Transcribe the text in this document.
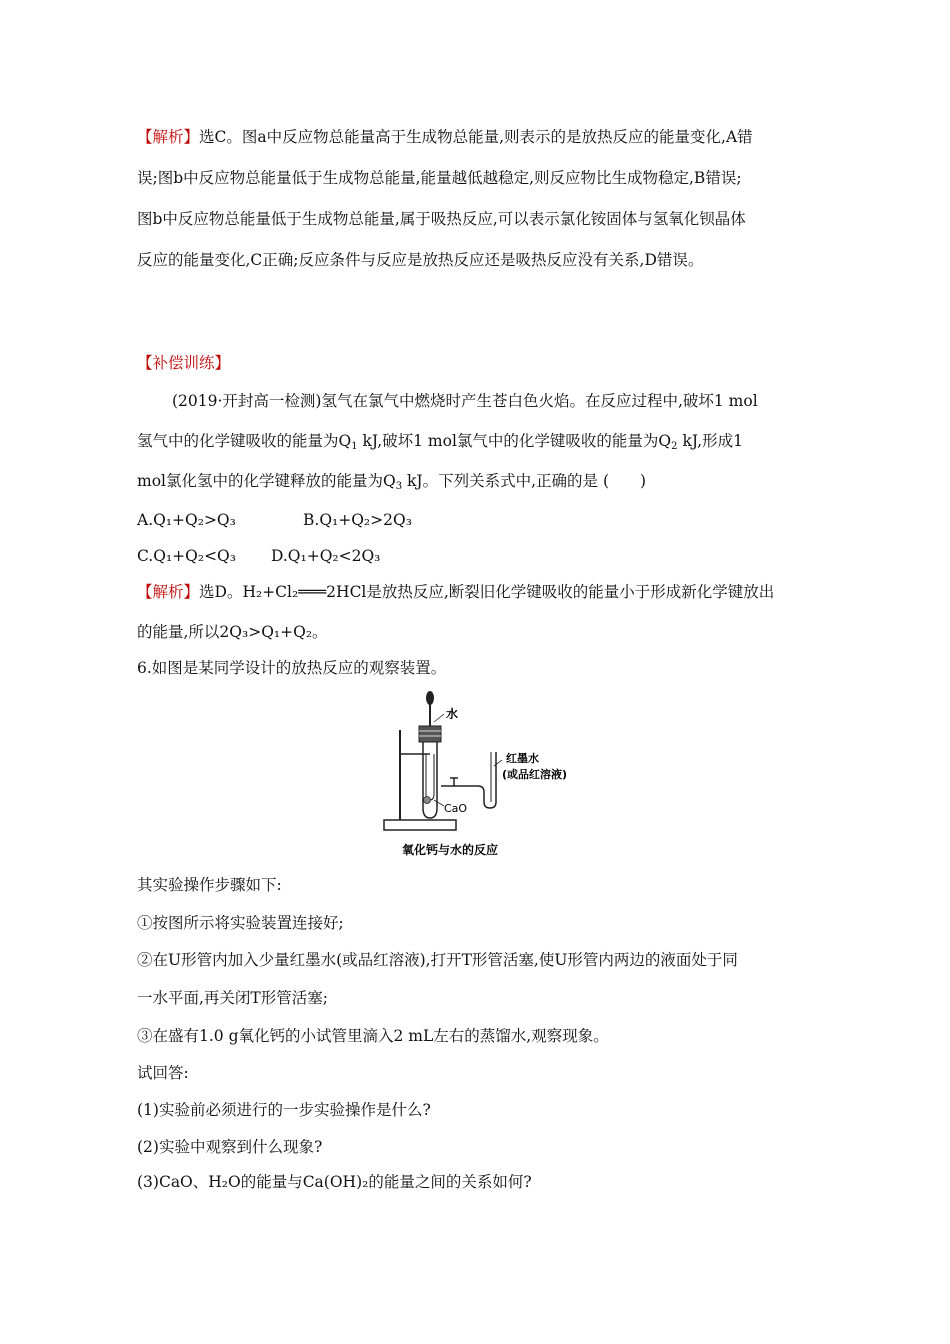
【解析】选C。图a中反应物总能量高于生成物总能量,则表示的是放热反应的能量变化,A错
误;图b中反应物总能量低于生成物总能量,能量越低越稳定,则反应物比生成物稳定,B错误;
图b中反应物总能量低于生成物总能量,属于吸热反应,可以表示氯化铵固体与氢氧化钡晶体
反应的能量变化,C正确;反应条件与反应是放热反应还是吸热反应没有关系,D错误。
【补偿训练】
(2019·开封高一检测)氢气在氯气中燃烧时产生苍白色火焰。在反应过程中,破坏1 mol
氢气中的化学键吸收的能量为$Q_1$ kJ,破坏1 mol氯气中的化学键吸收的能量为$Q_2$ kJ,形成1
mol氯化氢中的化学键释放的能量为$Q_3$ kJ。下列关系式中,正确的是 (　　)
A.Q₁+Q₂>Q₃	B.Q₁+Q₂>2Q₃
C.Q₁+Q₂<Q₃	D.Q₁+Q₂<2Q₃
【解析】选D。H₂+Cl₂═══2HCl是放热反应,断裂旧化学键吸收的能量小于形成新化学键放出
的能量,所以2Q₃>Q₁+Q₂。
6.如图是某同学设计的放热反应的观察装置。
水
红墨水
(或品红溶液)
CaO
氧化钙与水的反应
其实验操作步骤如下:
①按图所示将实验装置连接好;
②在U形管内加入少量红墨水(或品红溶液),打开T形管活塞,使U形管内两边的液面处于同
一水平面,再关闭T形管活塞;
③在盛有1.0 g氧化钙的小试管里滴入2 mL左右的蒸馏水,观察现象。
试回答:
(1)实验前必须进行的一步实验操作是什么?
(2)实验中观察到什么现象?
(3)CaO、H₂O的能量与Ca(OH)₂的能量之间的关系如何?
